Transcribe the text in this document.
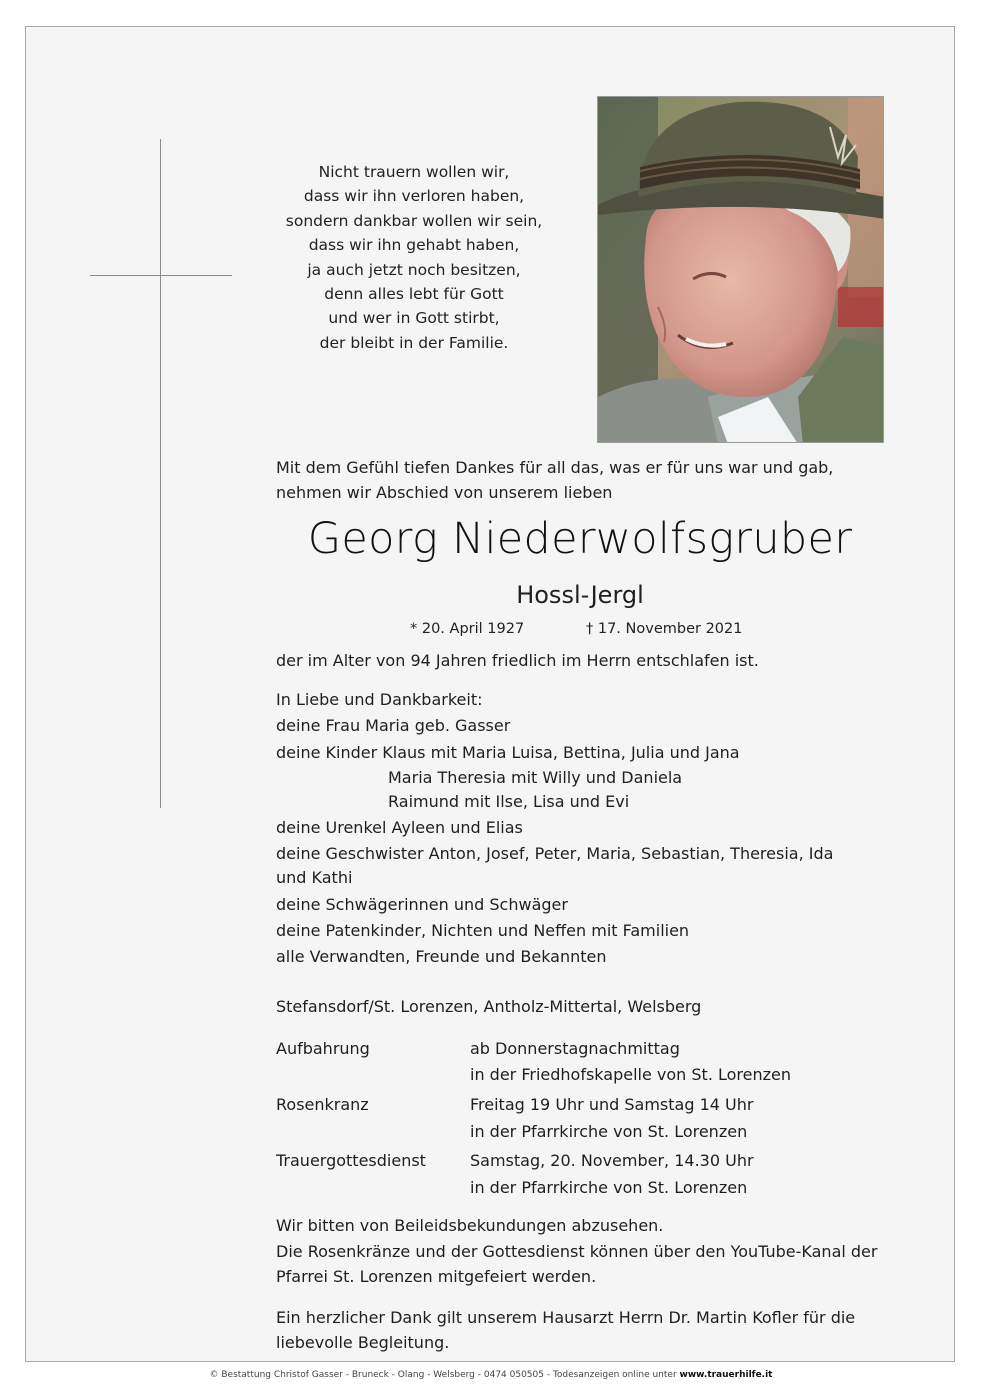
Nicht trauern wollen wir,
dass wir ihn verloren haben,
sondern dankbar wollen wir sein,
dass wir ihn gehabt haben,
ja auch jetzt noch besitzen,
denn alles lebt für Gott
und wer in Gott stirbt,
der bleibt in der Familie.
Mit dem Gefühl tiefen Dankes für all das, was er für uns war und gab,
nehmen wir Abschied von unserem lieben
Georg Niederwolfsgruber
Hossl-Jergl
* 20. April 1927	† 17. November 2021
der im Alter von 94 Jahren friedlich im Herrn entschlafen ist.
In Liebe und Dankbarkeit:
deine Frau Maria geb. Gasser
deine Kinder Klaus mit Maria Luisa, Bettina, Julia und Jana
Maria Theresia mit Willy und Daniela
Raimund mit Ilse, Lisa und Evi
deine Urenkel Ayleen und Elias
deine Geschwister Anton, Josef, Peter, Maria, Sebastian, Theresia, Ida
und Kathi
deine Schwägerinnen und Schwäger
deine Patenkinder, Nichten und Neffen mit Familien
alle Verwandten, Freunde und Bekannten
Stefansdorf/St. Lorenzen, Antholz-Mittertal, Welsberg
Aufbahrung	ab Donnerstagnachmittag
in der Friedhofskapelle von St. Lorenzen
Rosenkranz	Freitag 19 Uhr und Samstag 14 Uhr
in der Pfarrkirche von St. Lorenzen
Trauergottesdienst	Samstag, 20. November, 14.30 Uhr
in der Pfarrkirche von St. Lorenzen
Wir bitten von Beileidsbekundungen abzusehen.
Die Rosenkränze und der Gottesdienst können über den YouTube-Kanal der
Pfarrei St. Lorenzen mitgefeiert werden.
Ein herzlicher Dank gilt unserem Hausarzt Herrn Dr. Martin Kofler für die
liebevolle Begleitung.
© Bestattung Christof Gasser - Bruneck - Olang - Welsberg - 0474 050505 - Todesanzeigen online unter www.trauerhilfe.it
